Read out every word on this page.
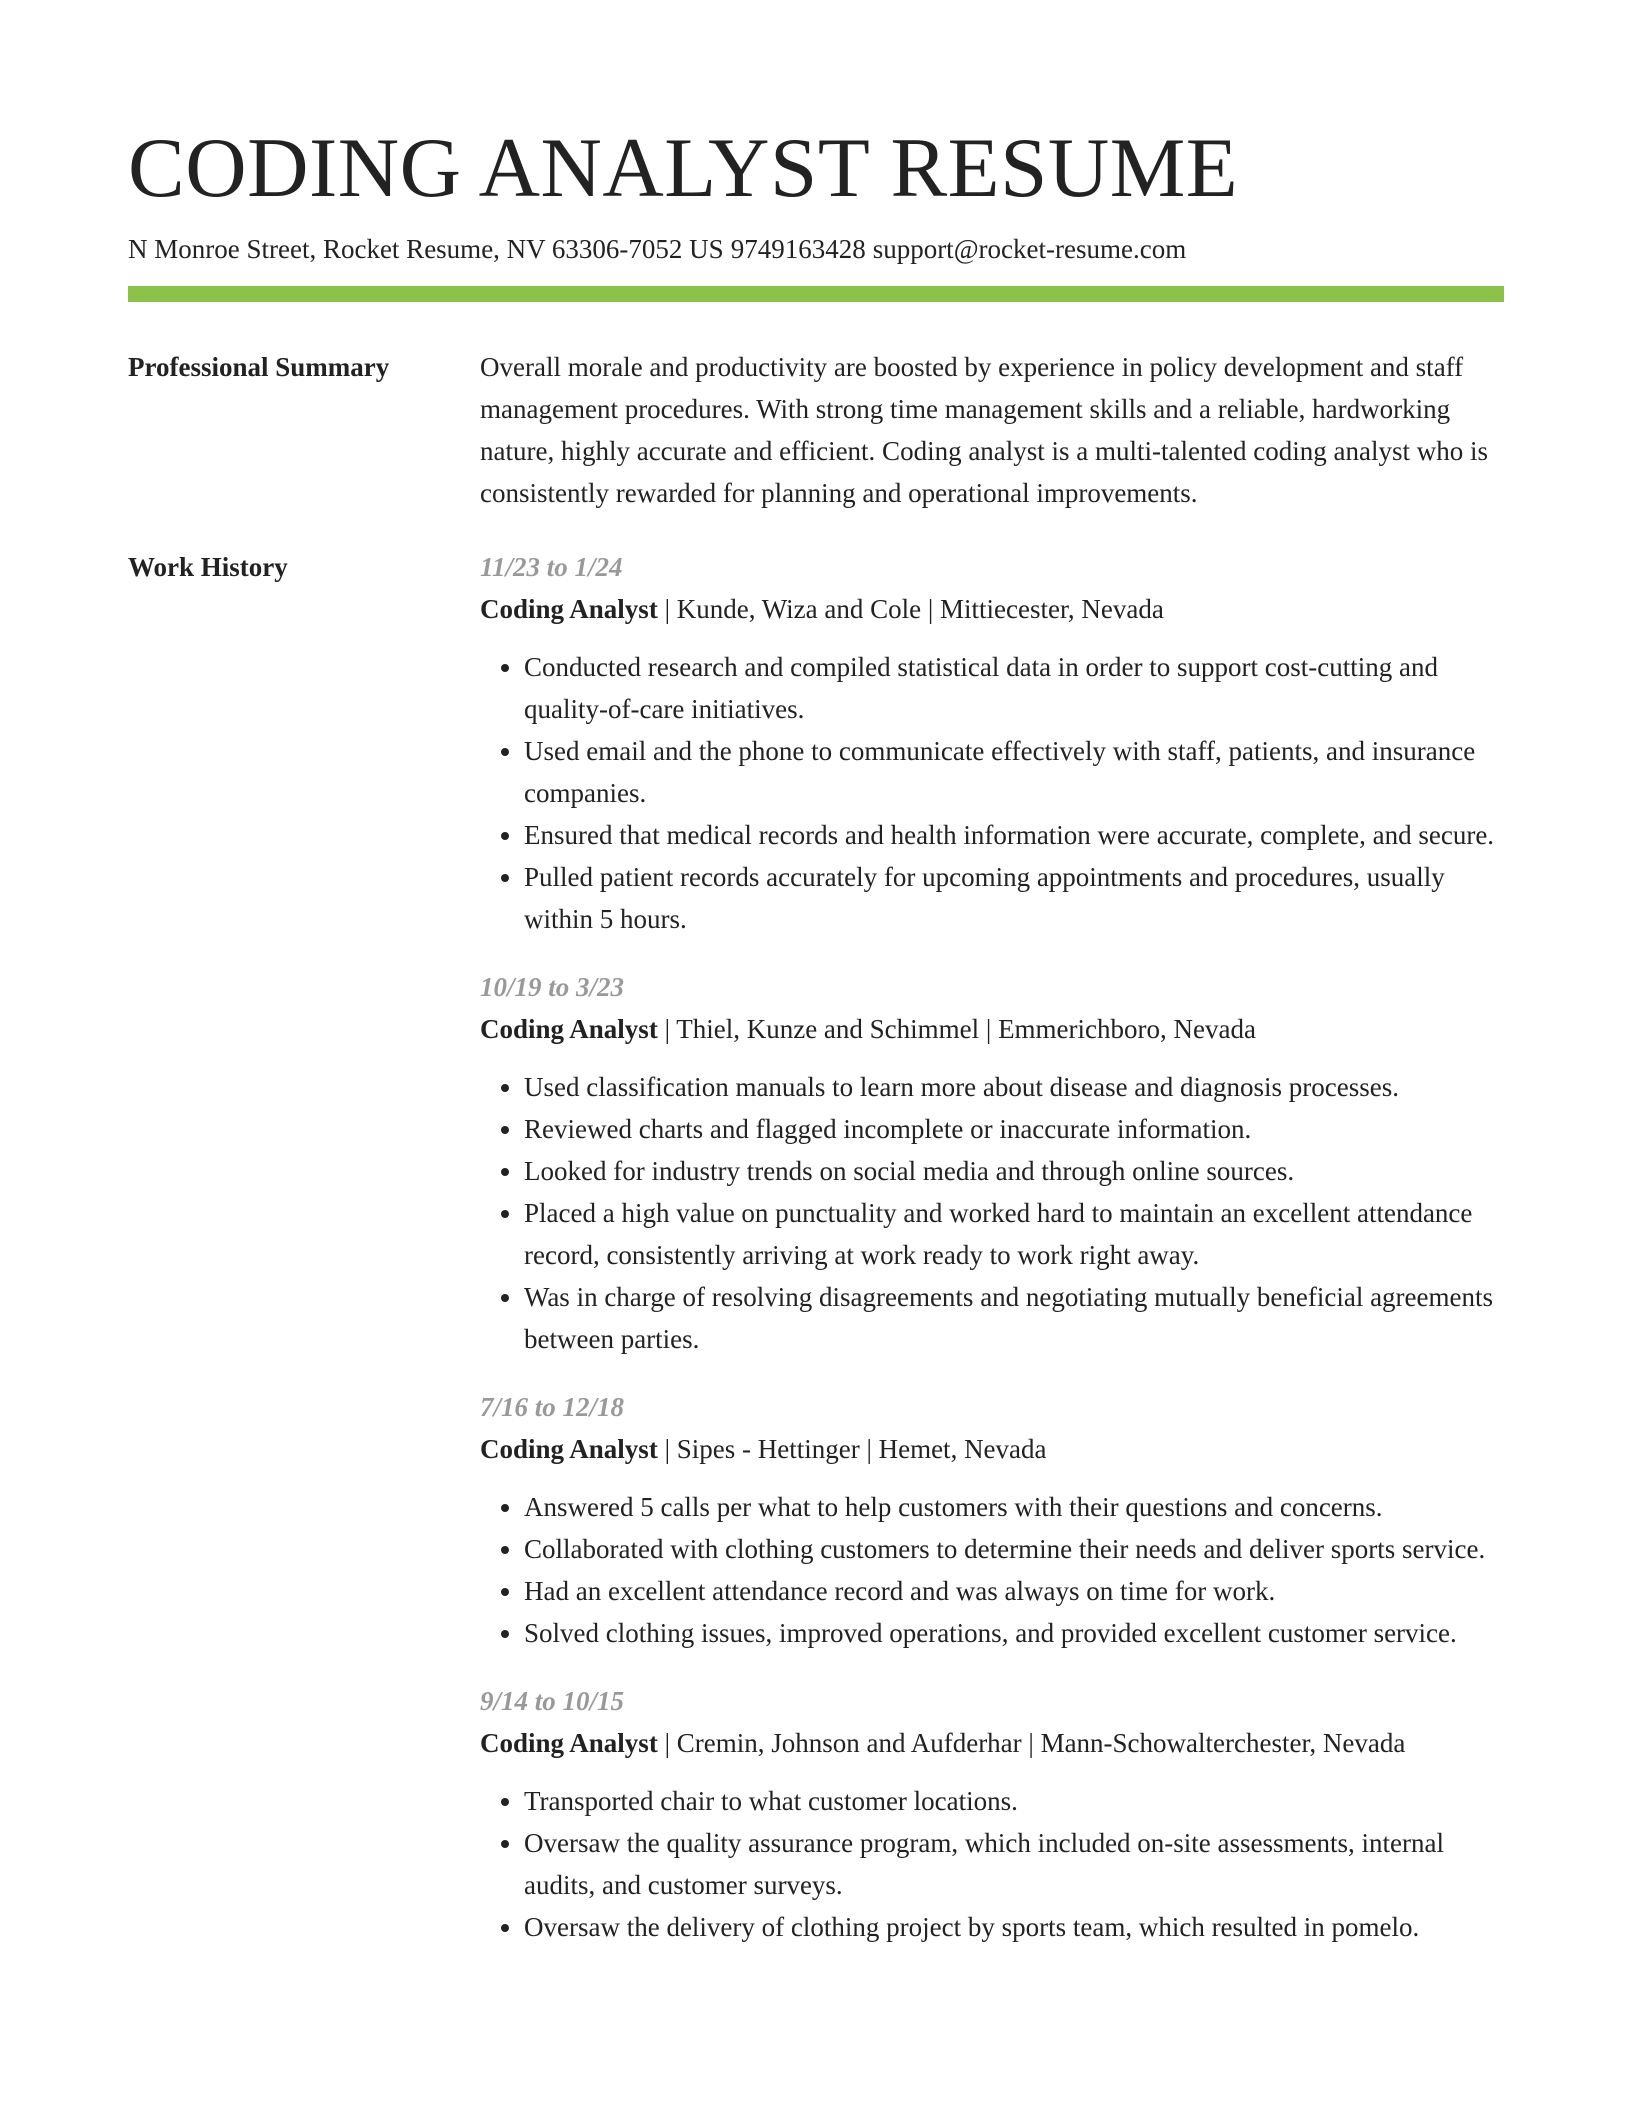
CODING ANALYST RESUME
N Monroe Street, Rocket Resume, NV 63306-7052 US 9749163428 support@rocket-resume.com
Professional Summary	Overall morale and productivity are boosted by experience in policy development and staff management procedures. With strong time management skills and a reliable, hardworking nature, highly accurate and efficient. Coding analyst is a multi-talented coding analyst who is consistently rewarded for planning and operational improvements.

Work History	11/23 to 1/24
Coding Analyst | Kunde, Wiza and Cole | Mittiecester, Nevada
• Conducted research and compiled statistical data in order to support cost-cutting and quality-of-care initiatives.
• Used email and the phone to communicate effectively with staff, patients, and insurance companies.
• Ensured that medical records and health information were accurate, complete, and secure.
• Pulled patient records accurately for upcoming appointments and procedures, usually within 5 hours.
10/19 to 3/23
Coding Analyst | Thiel, Kunze and Schimmel | Emmerichboro, Nevada
• Used classification manuals to learn more about disease and diagnosis processes.
• Reviewed charts and flagged incomplete or inaccurate information.
• Looked for industry trends on social media and through online sources.
• Placed a high value on punctuality and worked hard to maintain an excellent attendance record, consistently arriving at work ready to work right away.
• Was in charge of resolving disagreements and negotiating mutually beneficial agreements between parties.
7/16 to 12/18
Coding Analyst | Sipes - Hettinger | Hemet, Nevada
• Answered 5 calls per what to help customers with their questions and concerns.
• Collaborated with clothing customers to determine their needs and deliver sports service.
• Had an excellent attendance record and was always on time for work.
• Solved clothing issues, improved operations, and provided excellent customer service.
9/14 to 10/15
Coding Analyst | Cremin, Johnson and Aufderhar | Mann-Schowalterchester, Nevada
• Transported chair to what customer locations.
• Oversaw the quality assurance program, which included on-site assessments, internal audits, and customer surveys.
• Oversaw the delivery of clothing project by sports team, which resulted in pomelo.
